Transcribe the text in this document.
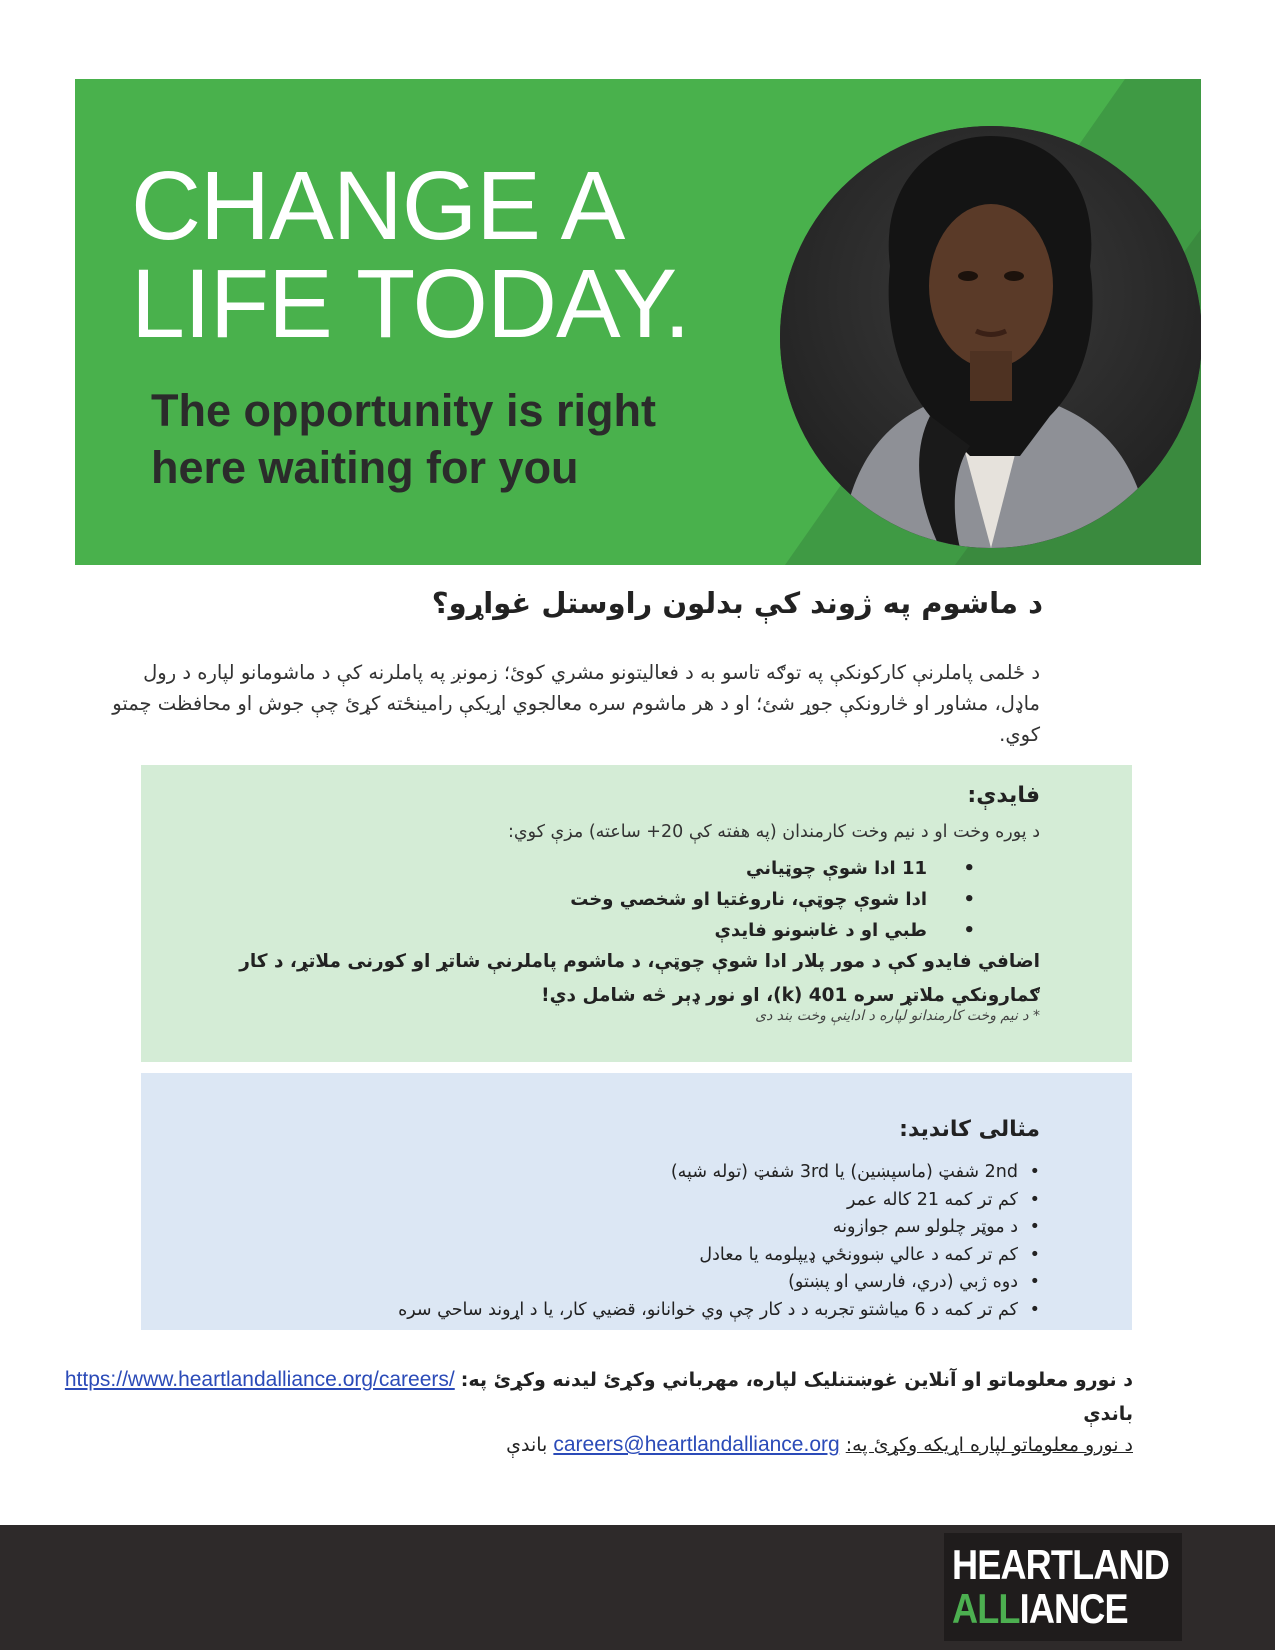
CHANGE A
LIFE TODAY.
The opportunity is right
here waiting for you
د ماشوم په ژوند کې بدلون راوستل غواړو؟
د ځلمی پاملرنې کارکونکې په توګه تاسو به د فعالیتونو مشري کوئ؛ زمونږ په پاملرنه کې د ماشومانو لپاره د رول ماډل، مشاور او څارونکې جوړ شئ؛ او د هر ماشوم سره معالجوي اړیکې رامینځته کړئ چې جوش او محافظت چمتو کوي.
فایدې:
د پوره وخت او د نیم وخت کارمندان (په هفته کې 20+ ساعته) مزې کوي:
•
11 ادا شوې چوټیاني
•
ادا شوې چوټې، ناروغتیا او شخصي وخت
•
طبي او د غاښونو فایدې
اضافي فایدو کې د مور پلار ادا شوې چوټې، د ماشوم پاملرنې شاتړ او کورنی ملاتړ، د کار ګمارونکي ملاتړ سره 401 (k)، او نور ډېر څه شامل دي!
* د نیم وخت کارمندانو لپاره د اداینې وخت بند دی
مثالی کاندید:
•
2nd شفټ (ماسپښین) یا 3rd شفټ (توله شپه)
•
کم تر کمه 21 کاله عمر
•
د موټر چلولو سم جوازونه
•
کم تر کمه د عالي ښوونځي ډیپلومه یا معادل
•
دوه ژبي (دري، فارسي او پښتو)
•
کم تر کمه د 6 میاشتو تجربه د د کار چې وي خوانانو، قضیي کار، یا د اړوند ساحي سره
د نورو معلوماتو او آنلاین غوښتنلیک لپاره، مهرباني وکړئ لیدنه وکړئ په: https://www.heartlandalliance.org/careers/
باندې
د نورو معلوماتو لپاره اړیکه وکړئ په: careers@heartlandalliance.org باندې
HEARTLAND
ALLIANCE
